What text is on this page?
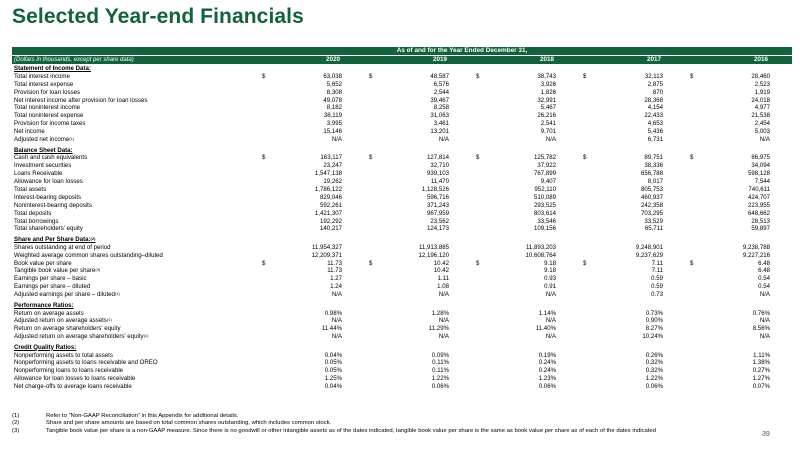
Selected Year-end Financials
As of and for the Year Ended December 31,
(Dollars in thousands, except per share data)	2020	2019	2018	2017	2016
Statement of Income Data:
Total interest income	$	63,038	$	48,587	$	38,743	$	32,113	$	28,460
Total interest expense	5,652	6,576	3,926	2,875	2,523
Provision for loan losses	8,308	2,544	1,826	870	1,919
Net interest income after provision for loan losses	49,078	39,467	32,991	28,368	24,018
Total noninterest income	8,182	8,258	5,467	4,154	4,977
Total noninterest expense	38,119	31,063	26,216	22,433	21,538
Provision for income taxes	3,995	3,461	2,541	4,653	2,454
Net income	15,146	13,201	9,701	5,436	5,003
Adjusted net income$^{(1)}$	N/A	N/A	N/A	6,731	N/A
Balance Sheet Data:
Cash and cash equivalents	$	163,117	$	127,814	$	125,782	$	89,751	$	86,975
Investment securities	23,247	32,710	37,922	38,336	34,094
Loans Receivable	1,547,138	939,103	767,899	656,788	598,128
Allowance for loan losses	19,262	11,470	9,407	8,017	7,544
Total assets	1,786,122	1,128,526	952,110	805,753	740,611
Interest-bearing deposits	829,046	596,716	510,089	460,937	424,707
Noninterest-bearing deposits	592,261	371,243	293,525	242,358	223,955
Total deposits	1,421,307	967,959	803,614	703,295	648,662
Total borrowings	192,292	23,562	33,546	33,529	28,513
Total shareholders' equity	140,217	124,173	109,156	65,711	59,897
Share and Per Share Data:$^{(2)}$
Shares outstanding at end of period	11,954,327	11,913,885	11,893,203	9,248,901	9,238,788
Weighted average common shares outstanding–diluted	12,209,371	12,196,120	10,608,764	9,237,629	9,227,216
Book value per share	$	11.73	$	10.42	$	9.18	$	7.11	$	6.48
Tangible book value per share$^{(3)}$	11.73	10.42	9.18	7.11	6.48
Earnings per share – basic	1.27	1.11	0.93	0.59	0.54
Earnings per share – diluted	1.24	1.08	0.91	0.59	0.54
Adjusted earnings per share – diluted$^{(1)}$	N/A	N/A	N/A	0.73	N/A
Performance Ratios:
Return on average assets	0.98%	1.28%	1.14%	0.73%	0.76%
Adjusted return on average assets$^{(1)}$	N/A	N/A	N/A	0.90%	N/A
Return on average shareholders' equity	11.44%	11.29%	11.40%	8.27%	8.56%
Adjusted return on average shareholders' equity$^{(1)}$	N/A	N/A	N/A	10.24%	N/A
Credit Quality Ratios:
Nonperforming assets to total assets	0.04%	0.09%	0.19%	0.26%	1.11%
Nonperforming assets to loans receivable and OREO	0.05%	0.11%	0.24%	0.32%	1.38%
Nonperforming loans to loans receivable	0.05%	0.11%	0.24%	0.32%	0.27%
Allowance for loan losses to loans receivable	1.25%	1.22%	1.23%	1.22%	1.27%
Net charge-offs to average loans receivable	0.04%	0.06%	0.06%	0.06%	0.07%
(1)	Refer to “Non-GAAP Reconciliation” in this Appendix for additional details.
(2)	Share and per share amounts are based on total common shares outstanding, which includes common stock.
(3)	Tangible book value per share is a non-GAAP measure. Since there is no goodwill or other intangible assets as of the dates indicated, tangible book value per share is the same as book value per share as of each of the dates indicated
39
